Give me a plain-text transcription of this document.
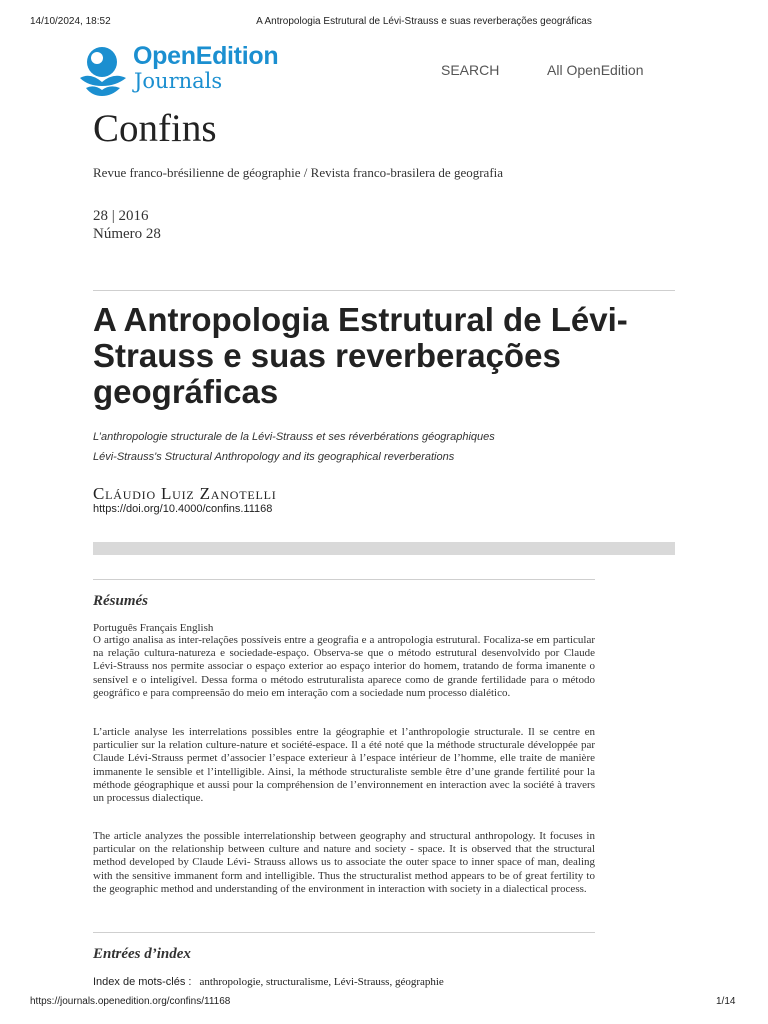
14/10/2024, 18:52	A Antropologia Estrutural de Lévi-Strauss e suas reverberações geográficas
OpenEdition
Journals	SEARCH	All OpenEdition
Confins
Revue franco-brésilienne de géographie / Revista franco-brasilera de geografia
28 | 2016
Número 28
A Antropologia Estrutural de Lévi-Strauss e suas reverberações geográficas
L’anthropologie structurale de la Lévi-Strauss et ses réverbérations géographiques
Lévi-Strauss's Structural Anthropology and its geographical reverberations
Cláudio Luiz Zanotelli
https://doi.org/10.4000/confins.11168
Résumés
Português Français English

O artigo analisa as inter-relações possíveis entre a geografia e a antropologia estrutural. Focaliza-se em particular na relação cultura-natureza e sociedade-espaço. Observa-se que o método estrutural desenvolvido por Claude Lévi-Strauss nos permite associar o espaço exterior ao espaço interior do homem, tratando de forma imanente o sensível e o inteligível. Dessa forma o método estruturalista aparece como de grande fertilidade para o método geográfico e para compreensão do meio em interação com a sociedade num processo dialético.

L’article analyse les interrelations possibles entre la géographie et l’anthropologie structurale. Il se centre en particulier sur la relation culture-nature et société-espace. Il a été noté que la méthode structurale développée par Claude Lévi-Strauss permet d’associer l’espace exterieur à l’espace intérieur de l’homme, elle traite de manière immanente le sensible et l’intelligible. Ainsi, la méthode structuraliste semble être d’une grande fertilité pour la méthode géographique et aussi pour la compréhension de l’environnement en interaction avec la société à travers un processus dialectique.

The article analyzes the possible interrelationship between geography and structural anthropology. It focuses in particular on the relationship between culture and nature and society - space. It is observed that the structural method developed by Claude Lévi- Strauss allows us to associate the outer space to inner space of man, dealing with the sensitive immanent form and intelligible. Thus the structuralist method appears to be of great fertility to the geographic method and understanding of the environment in interaction with society in a dialectical process.

Entrées d’index
Index de mots-clés : anthropologie, structuralisme, Lévi-Strauss, géographie
https://journals.openedition.org/confins/11168	1/14
